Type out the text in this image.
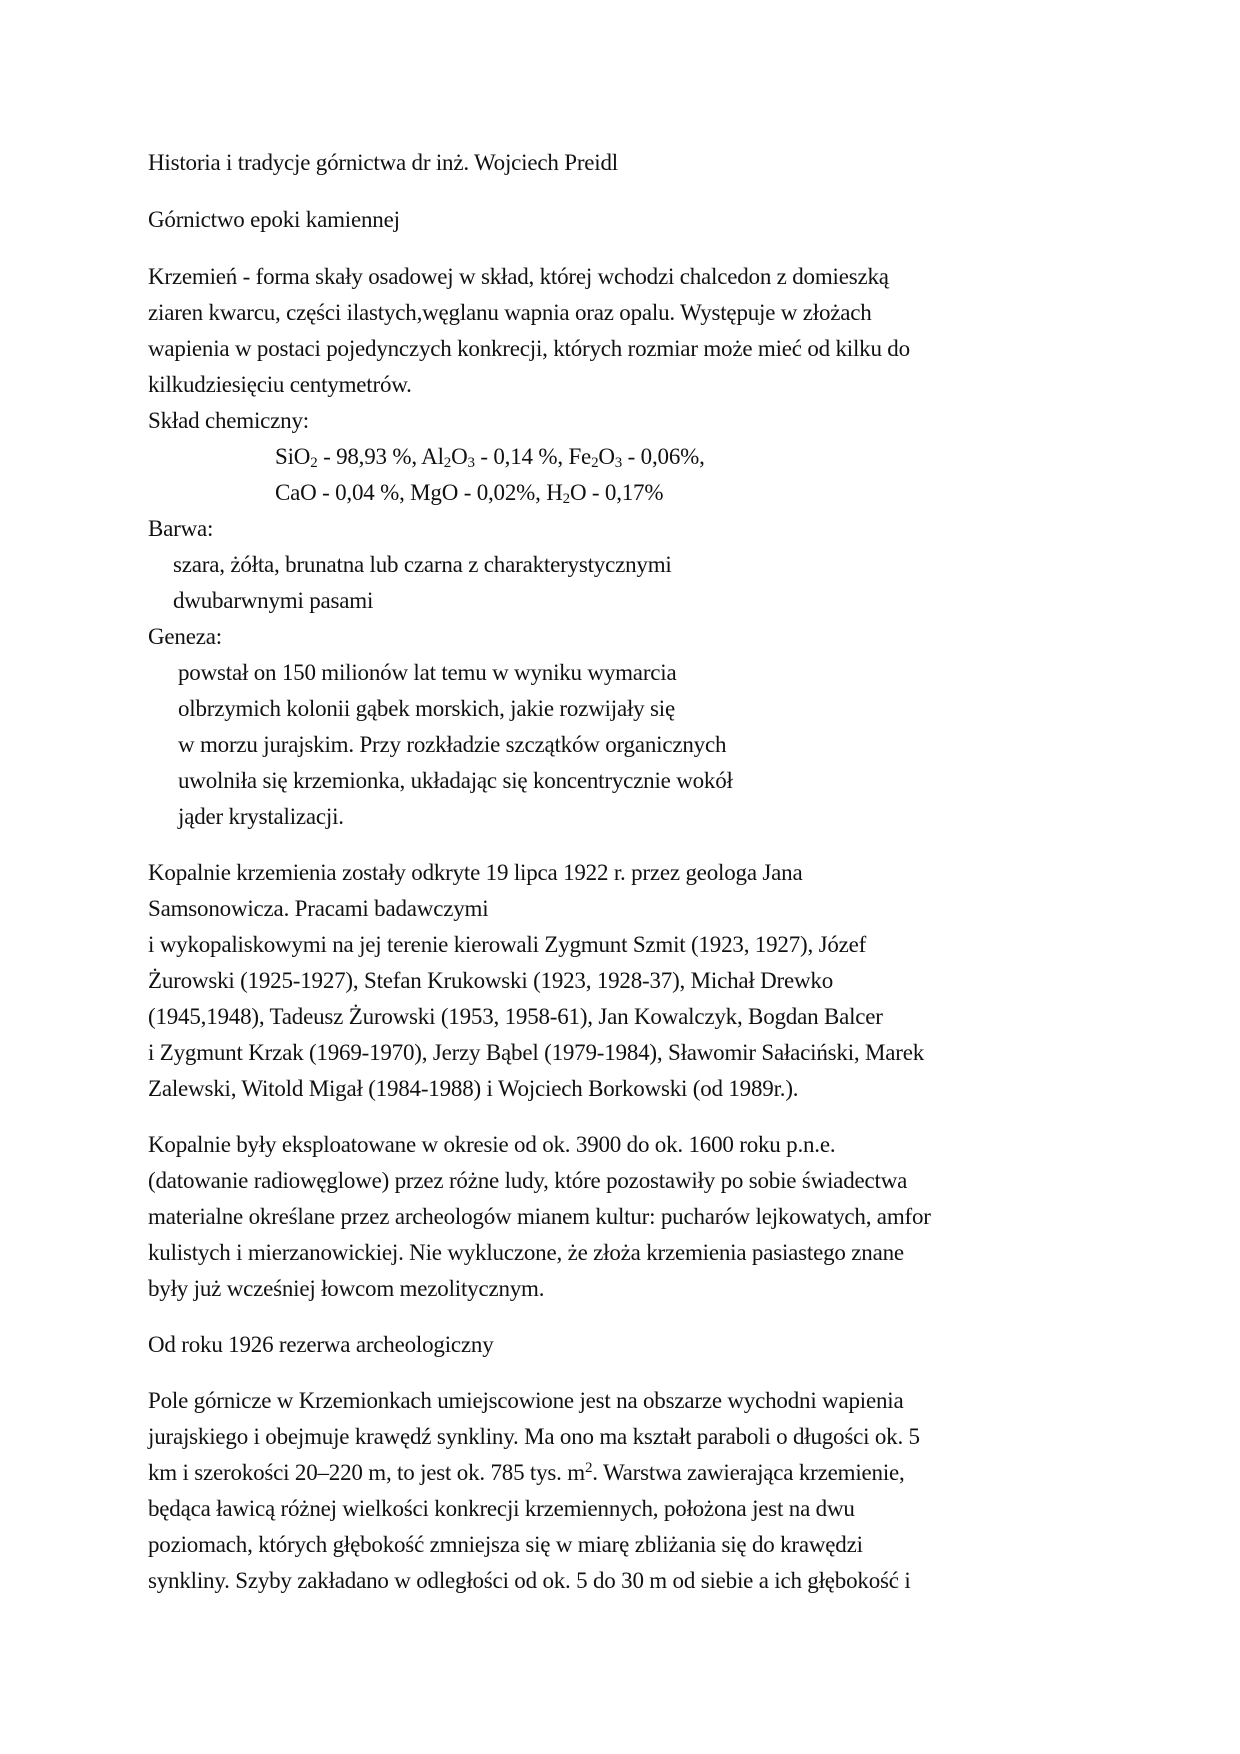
Historia i tradycje górnictwa dr inż. Wojciech Preidl
Górnictwo epoki kamiennej
Krzemień - forma skały osadowej w skład, której wchodzi chalcedon z domieszką
ziaren kwarcu, części ilastych,węglanu wapnia oraz opalu. Występuje w złożach
wapienia w postaci pojedynczych konkrecji, których rozmiar może mieć od kilku do
kilkudziesięciu centymetrów.
Skład chemiczny:
SiO$_2$ - 98,93 %, $Al_2O_3 - 0,14$ %, $Fe_2O_3 - 0,06\%$,
CaO - 0,04 %, MgO - 0,02%, $H_2O - 0,17\%$
Barwa:
szara, żółta, brunatna lub czarna z charakterystycznymi
dwubarwnymi pasami
Geneza:
powstał on 150 milionów lat temu w wyniku wymarcia
olbrzymich kolonii gąbek morskich, jakie rozwijały się
w morzu jurajskim. Przy rozkładzie szczątków organicznych
uwolniła się krzemionka, układając się koncentrycznie wokół
jąder krystalizacji.
Kopalnie krzemienia zostały odkryte 19 lipca 1922 r. przez geologa Jana
Samsonowicza. Pracami badawczymi
i wykopaliskowymi na jej terenie kierowali Zygmunt Szmit (1923, 1927), Józef
Żurowski (1925-1927), Stefan Krukowski (1923, 1928-37), Michał Drewko
(1945,1948), Tadeusz Żurowski (1953, 1958-61), Jan Kowalczyk, Bogdan Balcer
i Zygmunt Krzak (1969-1970), Jerzy Bąbel (1979-1984), Sławomir Sałaciński, Marek
Zalewski, Witold Migał (1984-1988) i Wojciech Borkowski (od 1989r.).
Kopalnie były eksploatowane w okresie od ok. 3900 do ok. 1600 roku p.n.e.
(datowanie radiowęglowe) przez różne ludy, które pozostawiły po sobie świadectwa
materialne określane przez archeologów mianem kultur: pucharów lejkowatych, amfor
kulistych i mierzanowickiej. Nie wykluczone, że złoża krzemienia pasiastego znane
były już wcześniej łowcom mezolitycznym.
Od roku 1926 rezerwa archeologiczny
Pole górnicze w Krzemionkach umiejscowione jest na obszarze wychodni wapienia
jurajskiego i obejmuje krawędź synkliny. Ma ono ma kształt paraboli o długości ok. 5
km i szerokości 20–220 m, to jest ok. 785 tys. $m^2$. Warstwa zawierająca krzemienie,
będąca ławicą różnej wielkości konkrecji krzemiennych, położona jest na dwu
poziomach, których głębokość zmniejsza się w miarę zbliżania się do krawędzi
synkliny. Szyby zakładano w odległości od ok. 5 do 30 m od siebie a ich głębokość i
